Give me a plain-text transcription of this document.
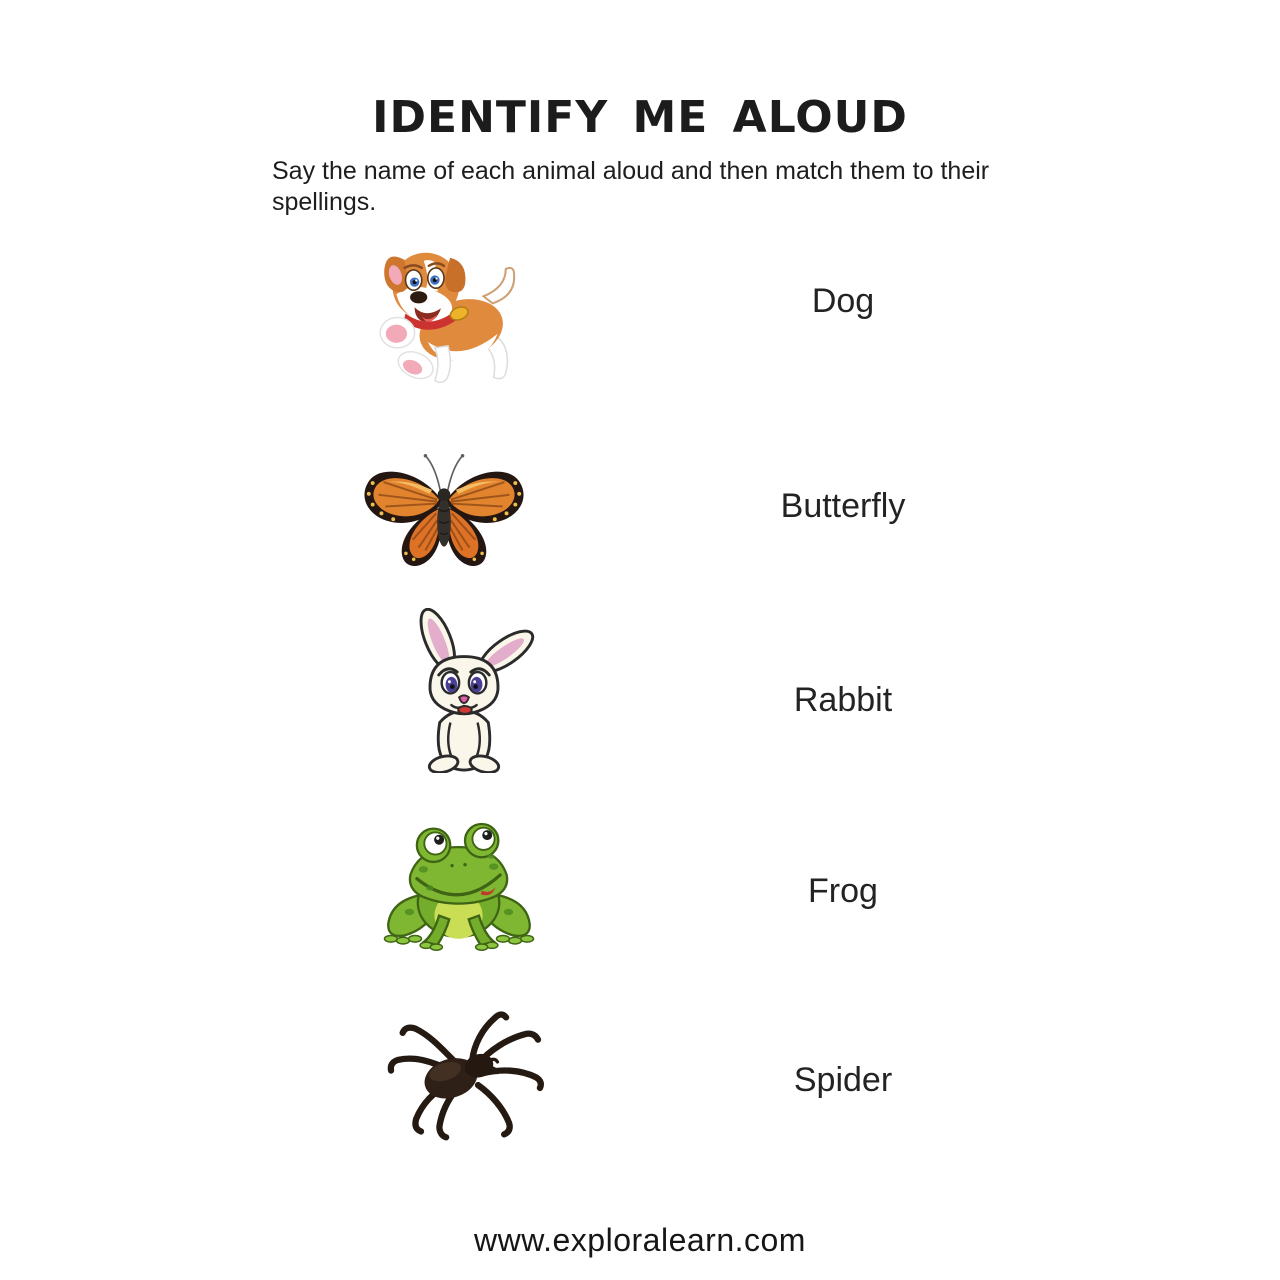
IDENTIFY ME ALOUD
Say the name of each animal aloud and then match them to their
spellings.
Dog
Butterfly
Rabbit
Frog
Spider
www.exploralearn.com
